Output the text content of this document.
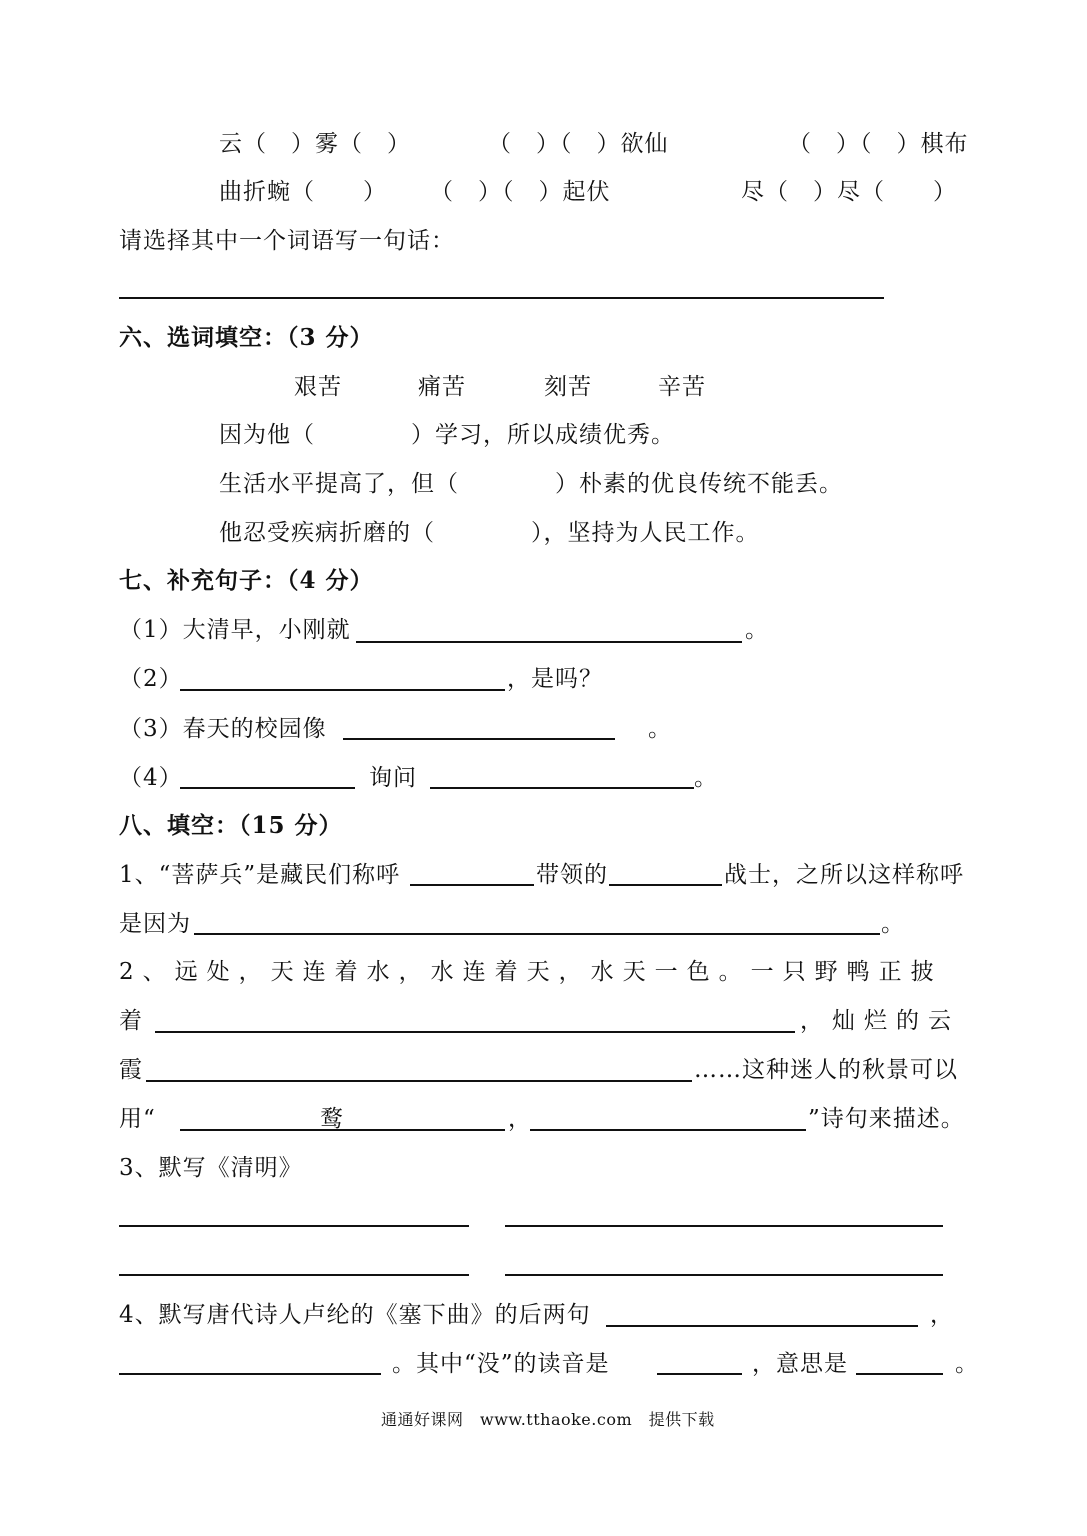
云（　）雾（　）	（　）（　）欲仙	（　）（　）棋布
曲折蜿（　　） （　）（　）起伏	尽（　）尽（　　）
请选择其中一个词语写一句话：
六、选词填空：（3 分）
艰苦	痛苦	刻苦	辛苦
因为他（　　　　）学习，所以成绩优秀。
生活水平提高了，但（　　　　）朴素的优良传统不能丢。
他忍受疾病折磨的（　　　　），坚持为人民工作。
七、补充句子：（4 分）
（1）大清早，小刚就	。
（2）	，是吗？
（3）春天的校园像	。
（4）	询问	。
八、填空：（15 分）
1、“菩萨兵”是藏民们称呼	带领的	战士，之所以这样称呼
是因为	。
2、远处，天连着水，水连着天，水天一色。一只野鸭正披
着	，灿烂的云
霞	……这种迷人的秋景可以
用“	鹜	，	”诗句来描述。
3、默写《清明》
4、默写唐代诗人卢纶的《塞下曲》的后两句	，
。其中“没”的读音是	，意思是	。
通通好课网　www.tthaoke.com　提供下载
